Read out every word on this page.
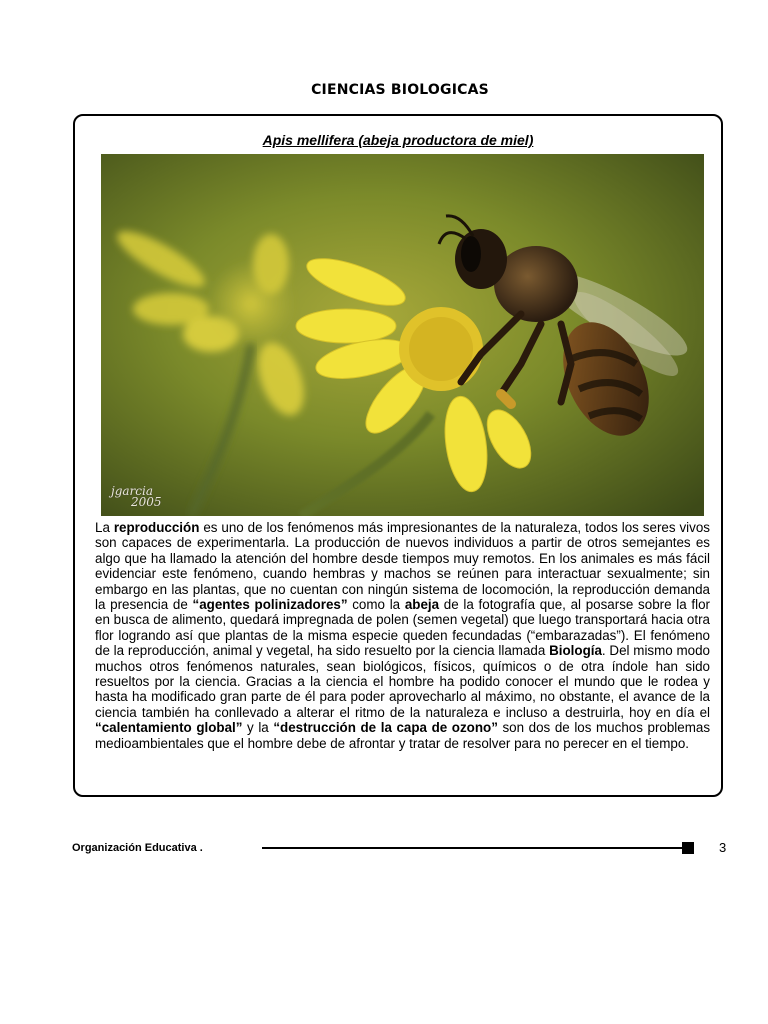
CIENCIAS BIOLOGICAS
Apis mellifera (abeja productora de miel)
jgarcia
2005
La reproducción es uno de los fenómenos más impresionantes de la naturaleza, todos los seres vivos son capaces de experimentarla. La producción de nuevos individuos a partir de otros semejantes es algo que ha llamado la atención del hombre desde tiempos muy remotos. En los animales es más fácil evidenciar este fenómeno, cuando hembras y machos se reúnen para interactuar sexualmente; sin embargo en las plantas, que no cuentan con ningún sistema de locomoción, la reproducción demanda la presencia de “agentes polinizadores” como la abeja de la fotografía que, al posarse sobre la flor en busca de alimento, quedará impregnada de polen (semen vegetal) que luego transportará hacia otra flor logrando así que plantas de la misma especie queden fecundadas (“embarazadas”). El fenómeno de la reproducción, animal y vegetal, ha sido resuelto por la ciencia llamada Biología. Del mismo modo muchos otros fenómenos naturales, sean biológicos, físicos, químicos o de otra índole han sido resueltos por la ciencia. Gracias a la ciencia el hombre ha podido conocer el mundo que le rodea y hasta ha modificado gran parte de él para poder aprovecharlo al máximo, no obstante, el avance de la ciencia también ha conllevado a alterar el ritmo de la naturaleza e incluso a destruirla, hoy en día el “calentamiento global” y la “destrucción de la capa de ozono” son dos de los muchos problemas medioambientales que el hombre debe de afrontar y tratar de resolver para no perecer en el tiempo.
Organización Educativa .	3
